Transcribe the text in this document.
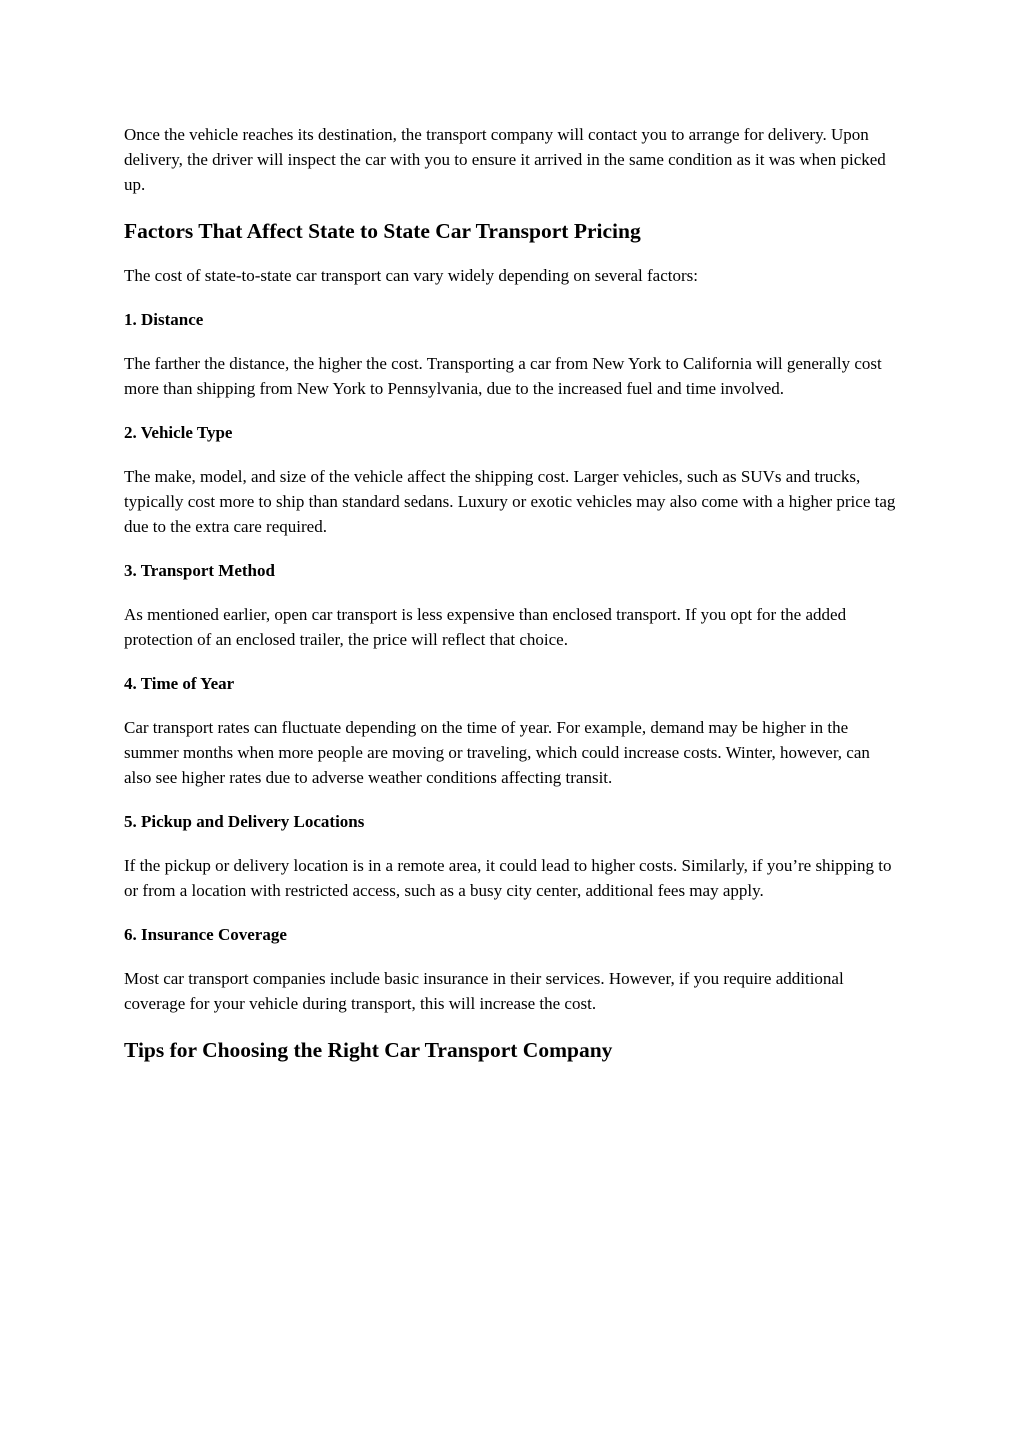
Once the vehicle reaches its destination, the transport company will contact you to arrange for delivery. Upon delivery, the driver will inspect the car with you to ensure it arrived in the same condition as it was when picked up.

Factors That Affect State to State Car Transport Pricing

The cost of state-to-state car transport can vary widely depending on several factors:

1. Distance

The farther the distance, the higher the cost. Transporting a car from New York to California will generally cost more than shipping from New York to Pennsylvania, due to the increased fuel and time involved.

2. Vehicle Type

The make, model, and size of the vehicle affect the shipping cost. Larger vehicles, such as SUVs and trucks, typically cost more to ship than standard sedans. Luxury or exotic vehicles may also come with a higher price tag due to the extra care required.

3. Transport Method

As mentioned earlier, open car transport is less expensive than enclosed transport. If you opt for the added protection of an enclosed trailer, the price will reflect that choice.

4. Time of Year

Car transport rates can fluctuate depending on the time of year. For example, demand may be higher in the summer months when more people are moving or traveling, which could increase costs. Winter, however, can also see higher rates due to adverse weather conditions affecting transit.

5. Pickup and Delivery Locations

If the pickup or delivery location is in a remote area, it could lead to higher costs. Similarly, if you’re shipping to or from a location with restricted access, such as a busy city center, additional fees may apply.

6. Insurance Coverage

Most car transport companies include basic insurance in their services. However, if you require additional coverage for your vehicle during transport, this will increase the cost.

Tips for Choosing the Right Car Transport Company
